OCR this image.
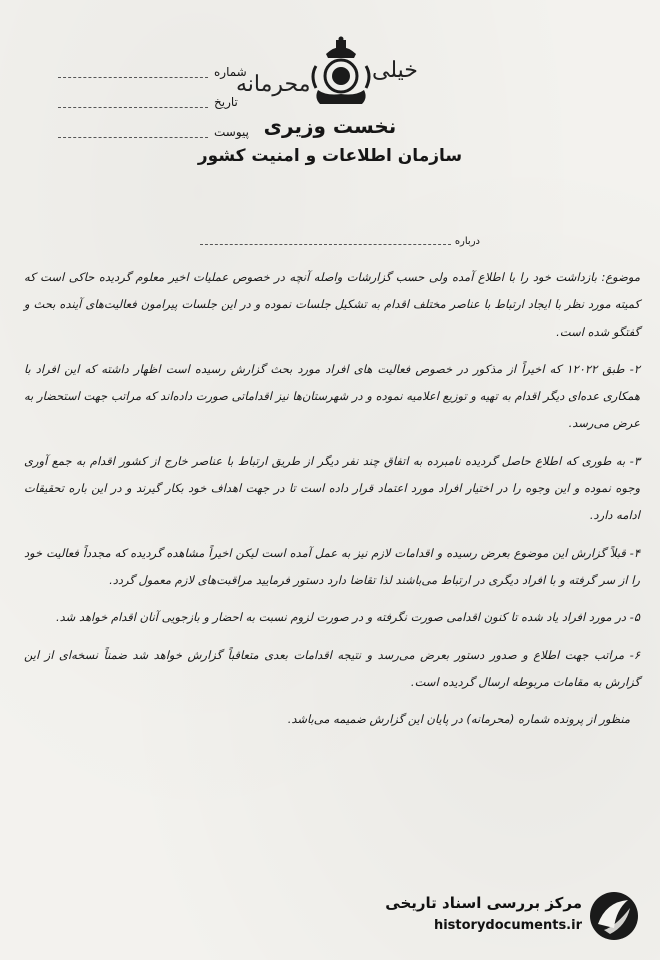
شماره
تاریخ
پیوست
خیلی
محرمانه
نخست وزیری
سازمان اطلاعات و امنیت کشور
درباره

موضوع: بازداشت خود را با اطلاع آمده ولی حسب گزارشات واصله آنچه در خصوص عملیات اخیر معلوم گردیده حاکی است که کمیته مورد نظر با ایجاد ارتباط با عناصر مختلف اقدام به تشکیل جلسات نموده و در این جلسات پیرامون فعالیت‌های آینده بحث و گفتگو شده است.

۲- طبق ۱۲۰۲۲ که اخیراً از مذکور در خصوص فعالیت های افراد مورد بحث گزارش رسیده است اظهار داشته که این افراد با همکاری عده‌ای دیگر اقدام به تهیه و توزیع اعلامیه نموده و در شهرستان‌ها نیز اقداماتی صورت داده‌اند که مراتب جهت استحضار به عرض می‌رسد.

۳- به طوری که اطلاع حاصل گردیده نامبرده به اتفاق چند نفر دیگر از طریق ارتباط با عناصر خارج از کشور اقدام به جمع آوری وجوه نموده و این وجوه را در اختیار افراد مورد اعتماد قرار داده است تا در جهت اهداف خود بکار گیرند و در این باره تحقیقات ادامه دارد.

۴- قبلاً گزارش این موضوع بعرض رسیده و اقدامات لازم نیز به عمل آمده است لیکن اخیراً مشاهده گردیده که مجدداً فعالیت خود را از سر گرفته و با افراد دیگری در ارتباط می‌باشند لذا تقاضا دارد دستور فرمایید مراقبت‌های لازم معمول گردد.

۵- در مورد افراد یاد شده تا کنون اقدامی صورت نگرفته و در صورت لزوم نسبت به احضار و بازجویی آنان اقدام خواهد شد.

۶- مراتب جهت اطلاع و صدور دستور بعرض می‌رسد و نتیجه اقدامات بعدی متعاقباً گزارش خواهد شد ضمناً نسخه‌ای از این گزارش به مقامات مربوطه ارسال گردیده است.

منظور از پرونده شماره (محرمانه) در پایان این گزارش ضمیمه می‌باشد.

مرکز بررسی اسناد تاریخی
historydocuments.ir
